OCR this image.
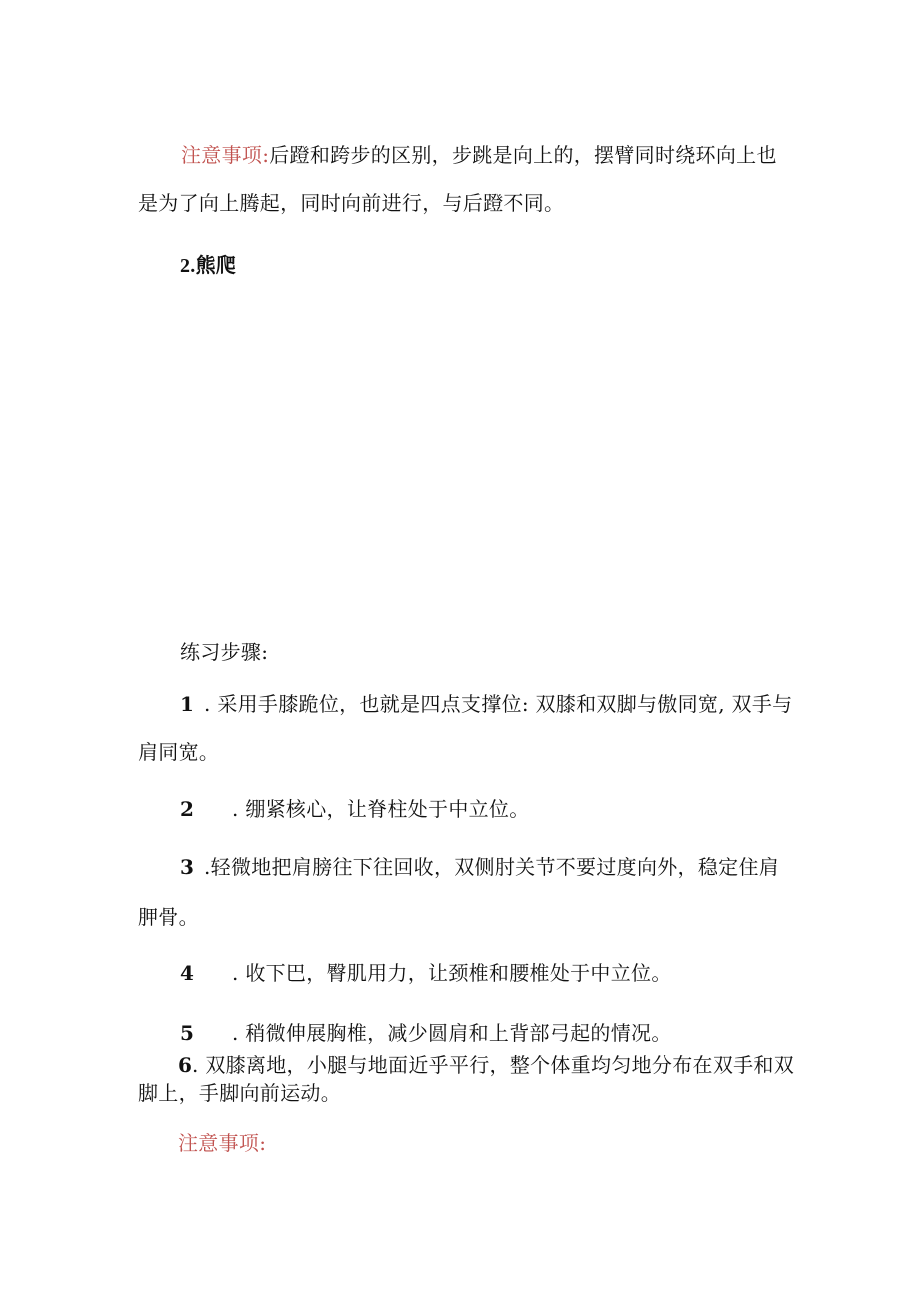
注意事项:后蹬和跨步的区别，步跳是向上的，摆臂同时绕环向上也
是为了向上腾起，同时向前进行，与后蹬不同。
2.熊爬
练习步骤:
1 . 采用手膝跪位，也就是四点支撑位: 双膝和双脚与傲同宽, 双手与
肩同宽。
2 . 绷紧核心，让脊柱处于中立位。
3 .轻微地把肩膀往下往回收，双侧肘关节不要过度向外，稳定住肩
胛骨。
4 . 收下巴，臀肌用力，让颈椎和腰椎处于中立位。
5 . 稍微伸展胸椎，减少圆肩和上背部弓起的情况。
6. 双膝离地，小腿与地面近乎平行，整个体重均匀地分布在双手和双
脚上，手脚向前运动。
注意事项:
